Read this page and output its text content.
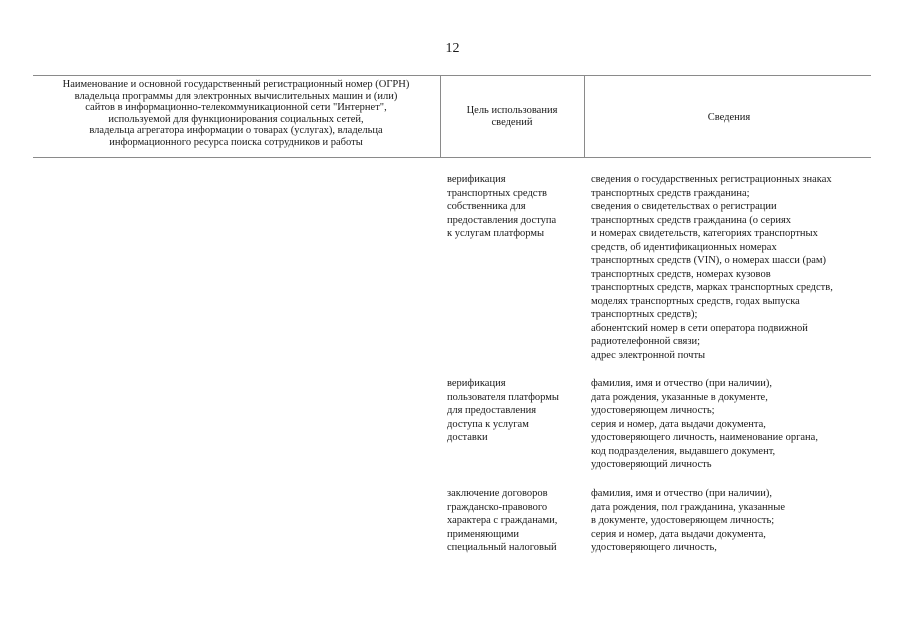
12
Наименование и основной государственный регистрационный номер (ОГРН)
владельца программы для электронных вычислительных машин и (или)
сайтов в информационно-телекоммуникационной сети "Интернет",
используемой для функционирования социальных сетей,
владельца агрегатора информации о товарах (услугах), владельца
информационного ресурса поиска сотрудников и работы
Цель использования
сведений	Сведения
верификация
транспортных средств
собственника для
предоставления доступа
к услугам платформы
сведения о государственных регистрационных знаках
транспортных средств гражданина;
сведения о свидетельствах о регистрации
транспортных средств гражданина (о сериях
и номерах свидетельств, категориях транспортных
средств, об идентификационных номерах
транспортных средств (VIN), о номерах шасси (рам)
транспортных средств, номерах кузовов
транспортных средств, марках транспортных средств,
моделях транспортных средств, годах выпуска
транспортных средств);
абонентский номер в сети оператора подвижной
радиотелефонной связи;
адрес электронной почты
верификация
пользователя платформы
для предоставления
доступа к услугам
доставки
фамилия, имя и отчество (при наличии),
дата рождения, указанные в документе,
удостоверяющем личность;
серия и номер, дата выдачи документа,
удостоверяющего личность, наименование органа,
код подразделения, выдавшего документ,
удостоверяющий личность
заключение договоров
гражданско-правового
характера с гражданами,
применяющими
специальный налоговый
фамилия, имя и отчество (при наличии),
дата рождения, пол гражданина, указанные
в документе, удостоверяющем личность;
серия и номер, дата выдачи документа,
удостоверяющего личность,
